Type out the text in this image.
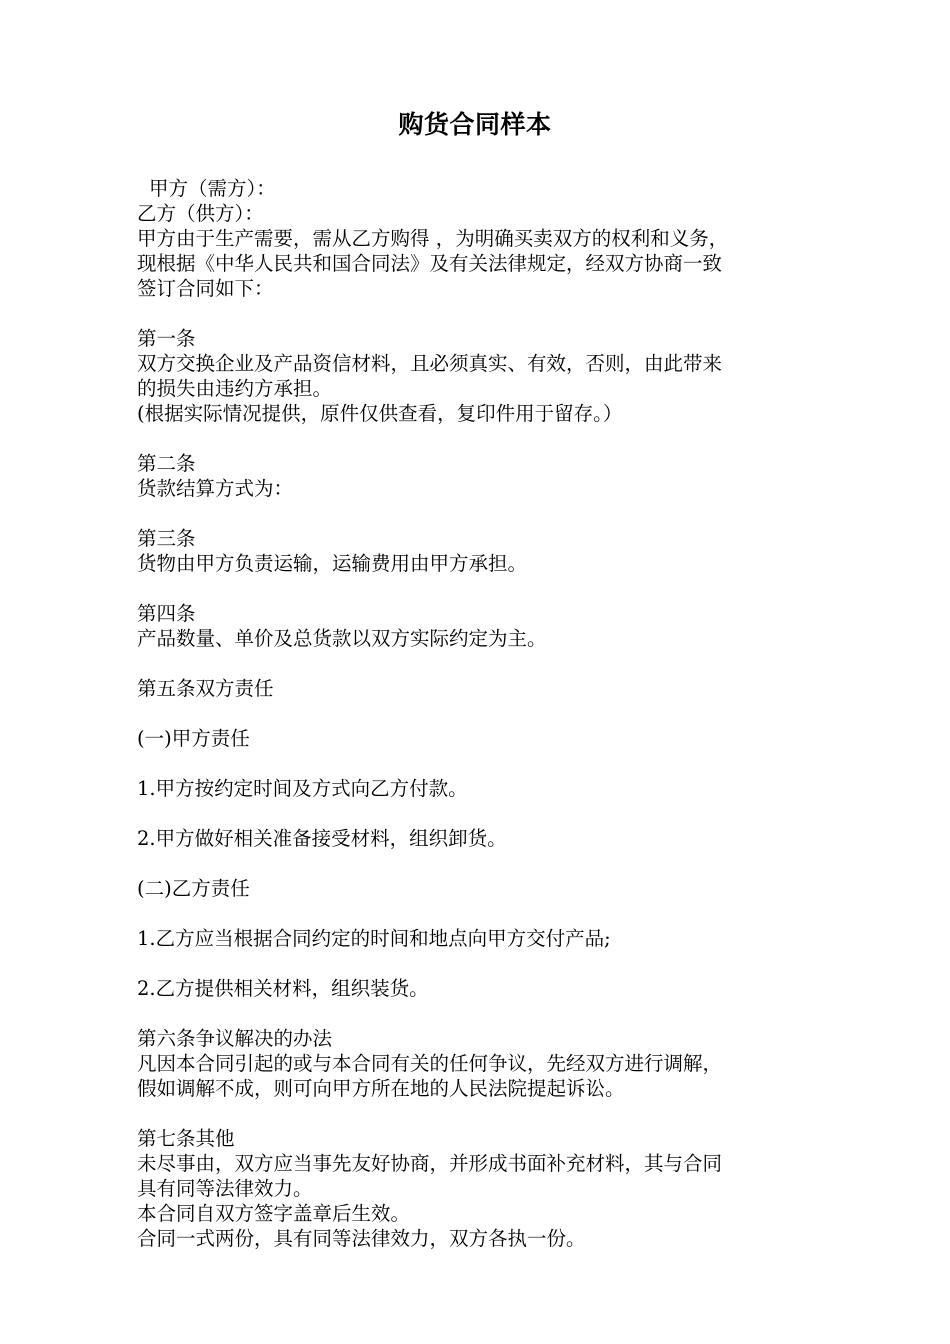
购货合同样本
甲方（需方）：
乙方（供方）：
甲方由于生产需要，需从乙方购得 ，为明确买卖双方的权利和义务，
现根据《中华人民共和国合同法》及有关法律规定，经双方协商一致
签订合同如下：
第一条
双方交换企业及产品资信材料，且必须真实、有效，否则，由此带来
的损失由违约方承担。
(根据实际情况提供，原件仅供查看，复印件用于留存。）
第二条
货款结算方式为：
第三条
货物由甲方负责运输，运输费用由甲方承担。
第四条
产品数量、单价及总货款以双方实际约定为主。
第五条双方责任
(一)甲方责任
1.甲方按约定时间及方式向乙方付款。
2.甲方做好相关准备接受材料，组织卸货。
(二)乙方责任
1.乙方应当根据合同约定的时间和地点向甲方交付产品;
2.乙方提供相关材料，组织装货。
第六条争议解决的办法
凡因本合同引起的或与本合同有关的任何争议，先经双方进行调解，
假如调解不成，则可向甲方所在地的人民法院提起诉讼。
第七条其他
未尽事由，双方应当事先友好协商，并形成书面补充材料，其与合同
具有同等法律效力。
本合同自双方签字盖章后生效。
合同一式两份，具有同等法律效力，双方各执一份。
